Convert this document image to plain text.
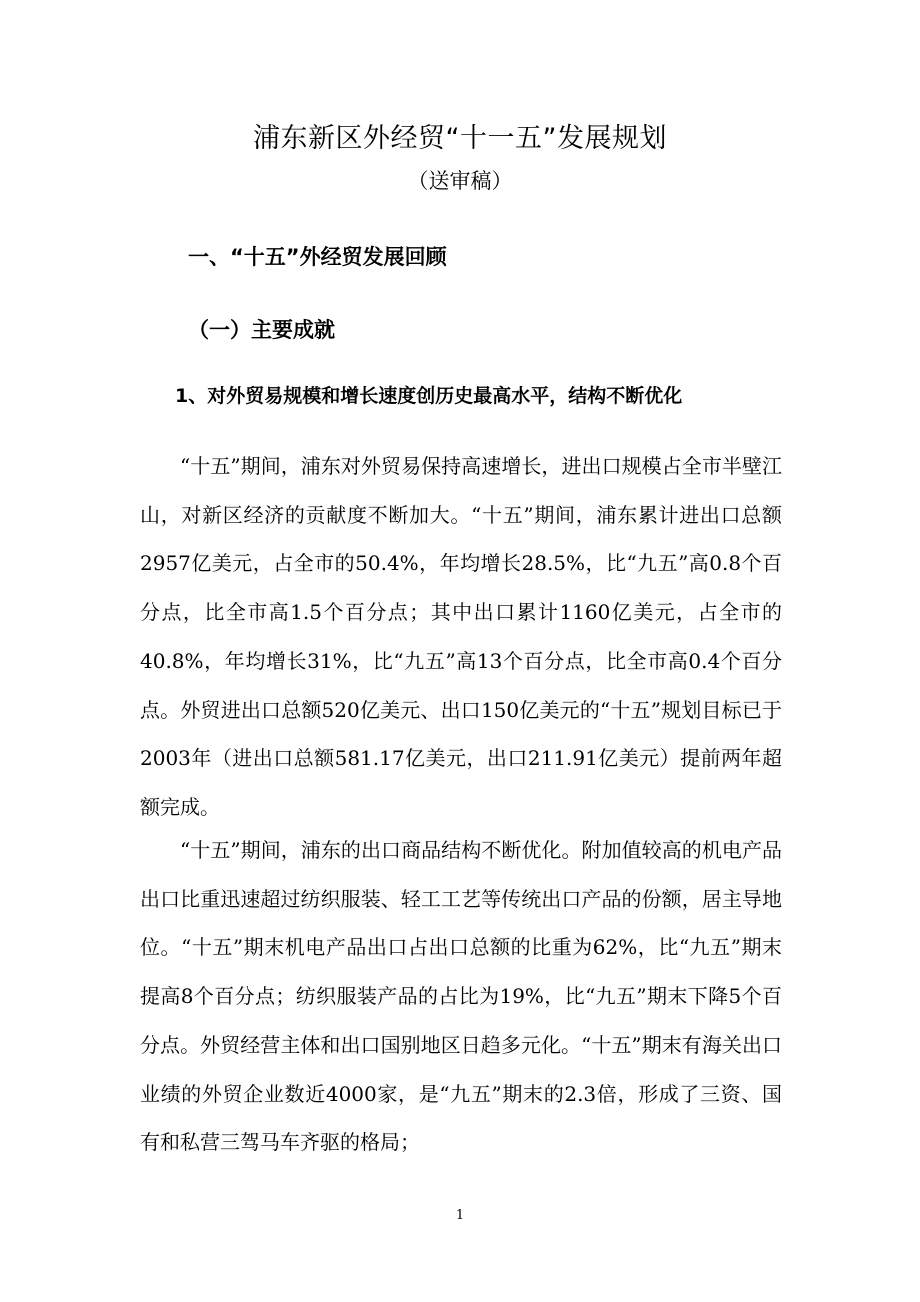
浦东新区外经贸“十一五”发展规划
（送审稿）
一、“十五”外经贸发展回顾
（一）主要成就
1、对外贸易规模和增长速度创历史最高水平，结构不断优化

“十五”期间，浦东对外贸易保持高速增长，进出口规模占全市半壁江山，对新区经济的贡献度不断加大。“十五”期间，浦东累计进出口总额2957亿美元，占全市的50.4%，年均增长28.5%，比“九五”高0.8个百分点，比全市高1.5个百分点；其中出口累计1160亿美元，占全市的40.8%，年均增长31%，比“九五”高13个百分点，比全市高0.4个百分点。外贸进出口总额520亿美元、出口150亿美元的“十五”规划目标已于2003年（进出口总额581.17亿美元，出口211.91亿美元）提前两年超额完成。

“十五”期间，浦东的出口商品结构不断优化。附加值较高的机电产品出口比重迅速超过纺织服装、轻工工艺等传统出口产品的份额，居主导地位。“十五”期末机电产品出口占出口总额的比重为62%，比“九五”期末提高8个百分点；纺织服装产品的占比为19%，比“九五”期末下降5个百分点。外贸经营主体和出口国别地区日趋多元化。“十五”期末有海关出口业绩的外贸企业数近4000家，是“九五”期末的2.3倍，形成了三资、国有和私营三驾马车齐驱的格局；

1
